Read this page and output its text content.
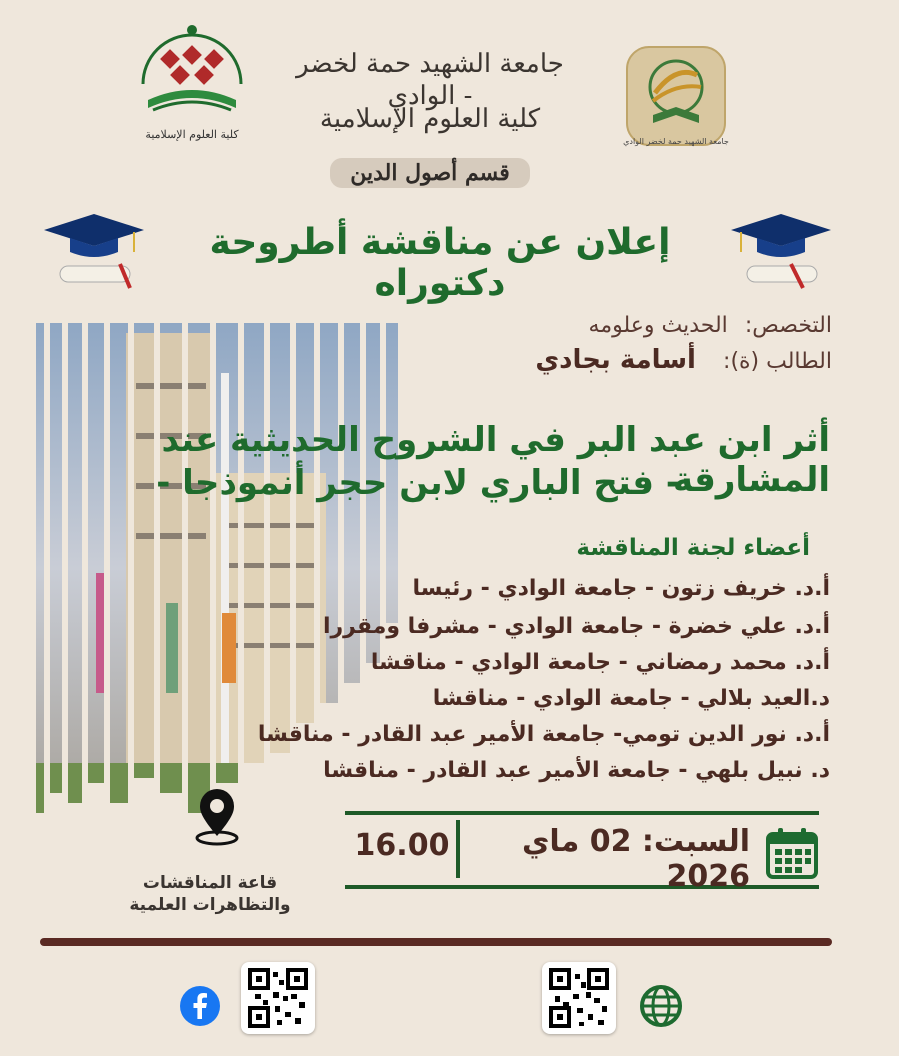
كلية العلوم الإسلامية
جامعة الشهيد حمة لخضر - الوادي
كلية العلوم الإسلامية
قسم أصول الدين
جامعة الشهيد حمة لخضر الوادي
إعلان عن مناقشة أطروحة دكتوراه
التخصص: الحديث وعلومه
الطالب (ة): أسامة بجادي
أثر ابن عبد البر في الشروح الحديثية عند المشارقة
- فتح الباري لابن حجر أنموذجا -
أعضاء لجنة المناقشة
أ.د. خريف زتون - جامعة الوادي - رئيسا
أ.د. علي خضرة - جامعة الوادي - مشرفا ومقررا
أ.د. محمد رمضاني - جامعة الوادي - مناقشا
د.العيد بلالي - جامعة الوادي - مناقشا
أ.د. نور الدين تومي- جامعة الأمير عبد القادر - مناقشا
د. نبيل بلهي - جامعة الأمير عبد القادر - مناقشا
قاعة المناقشات
والتظاهرات العلمية
السبت: 02 ماي 2026
16.00
